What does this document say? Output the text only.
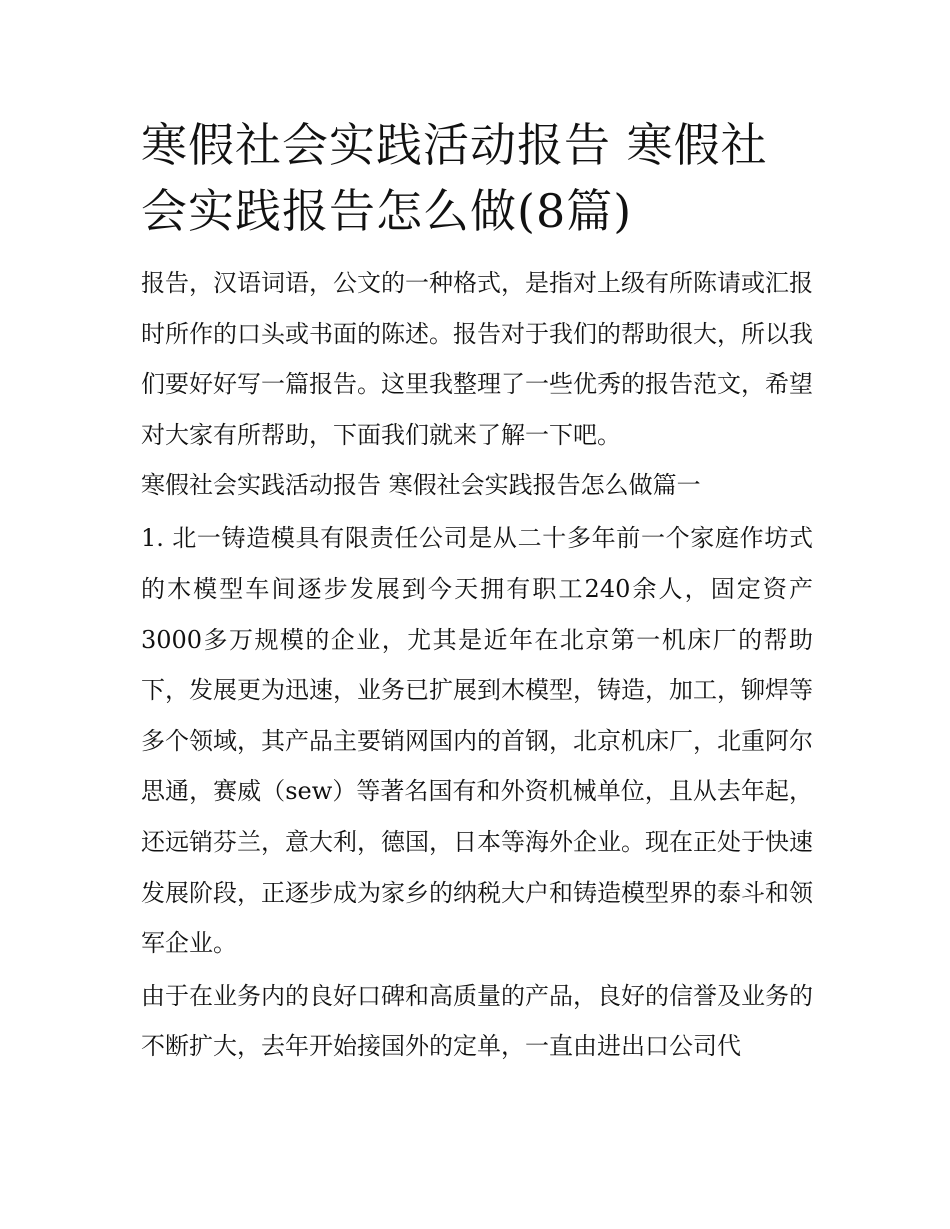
寒假社会实践活动报告 寒假社会实践报告怎么做(8篇)

报告，汉语词语，公文的一种格式，是指对上级有所陈请或汇报时所作的口头或书面的陈述。报告对于我们的帮助很大，所以我们要好好写一篇报告。这里我整理了一些优秀的报告范文，希望对大家有所帮助，下面我们就来了解一下吧。

寒假社会实践活动报告 寒假社会实践报告怎么做篇一

1. 北一铸造模具有限责任公司是从二十多年前一个家庭作坊式的木模型车间逐步发展到今天拥有职工240余人，固定资产3000多万规模的企业，尤其是近年在北京第一机床厂的帮助下，发展更为迅速，业务已扩展到木模型，铸造，加工，铆焊等多个领域，其产品主要销网国内的首钢，北京机床厂，北重阿尔思通，赛威（sew）等著名国有和外资机械单位，且从去年起，还远销芬兰，意大利，德国，日本等海外企业。现在正处于快速发展阶段，正逐步成为家乡的纳税大户和铸造模型界的泰斗和领军企业。

由于在业务内的良好口碑和高质量的产品，良好的信誉及业务的不断扩大，去年开始接国外的定单，一直由进出口公司代
